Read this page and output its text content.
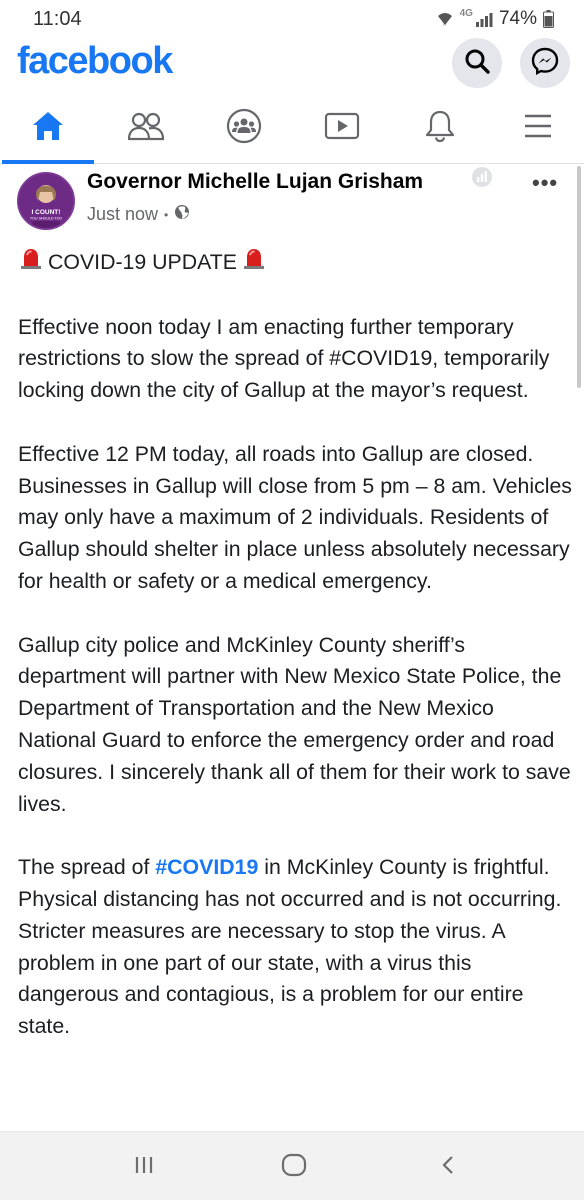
11:04	↓↑
4G 74%
facebook
I COUNT!
YOU SHOULD TOO
Governor Michelle Lujan Grisham	•••
Just now •
COVID-19 UPDATE

Effective noon today I am enacting further temporary restrictions to slow the spread of #COVID19, temporarily locking down the city of Gallup at the mayor’s request.

Effective 12 PM today, all roads into Gallup are closed. Businesses in Gallup will close from 5 pm – 8 am. Vehicles may only have a maximum of 2 individuals. Residents of Gallup should shelter in place unless absolutely necessary for health or safety or a medical emergency.

Gallup city police and McKinley County sheriff’s department will partner with New Mexico State Police, the Department of Transportation and the New Mexico National Guard to enforce the emergency order and road closures. I sincerely thank all of them for their work to save lives.

The spread of #COVID19 in McKinley County is frightful. Physical distancing has not occurred and is not occurring. Stricter measures are necessary to stop the virus. A problem in one part of our state, with a virus this dangerous and contagious, is a problem for our entire state.
